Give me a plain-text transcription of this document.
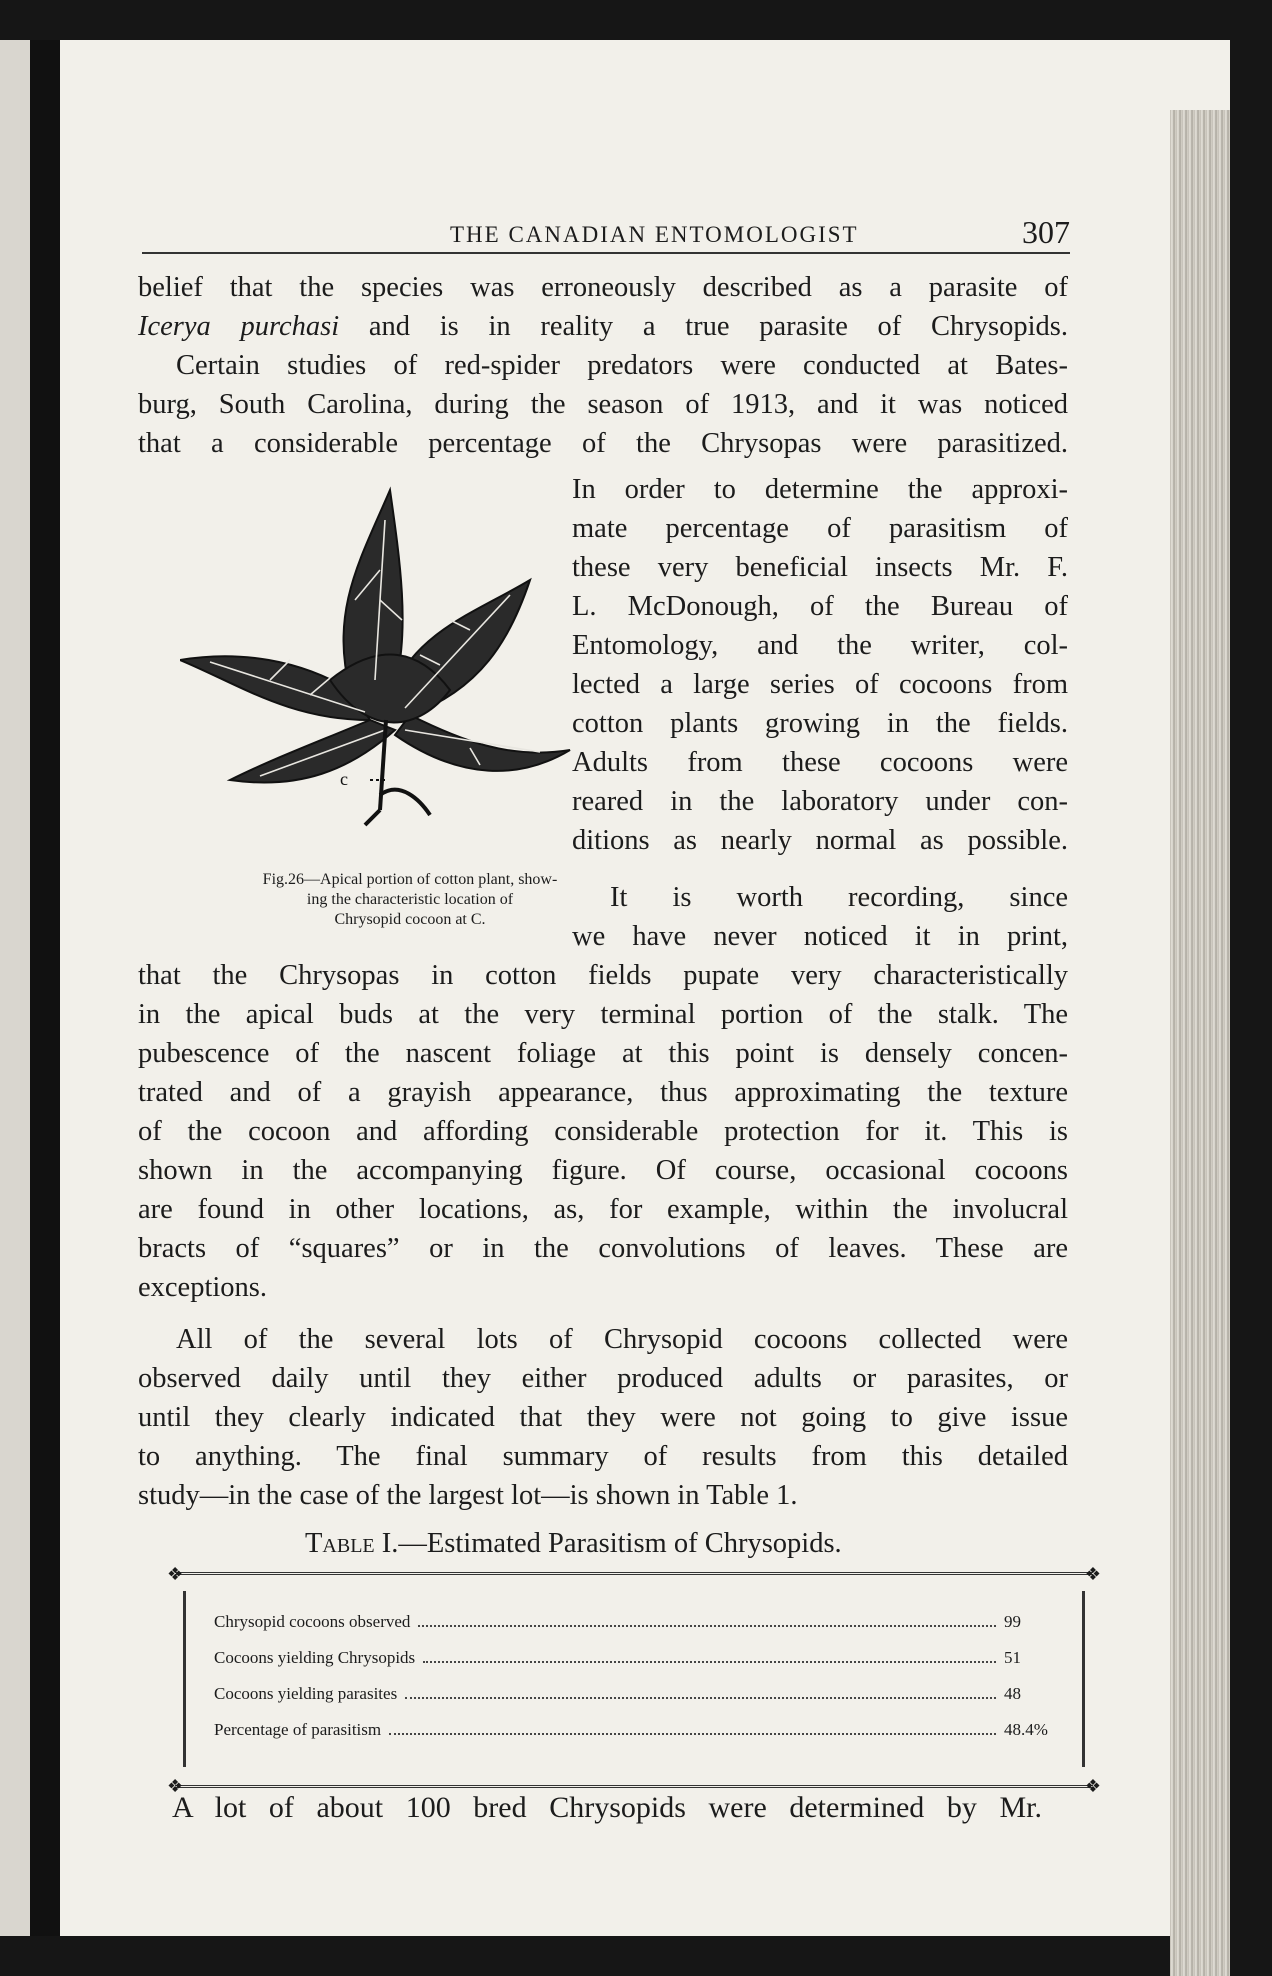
THE CANADIAN ENTOMOLOGIST	307

belief that the species was erroneously described as a parasite of

Icerya purchasi and is in reality a true parasite of Chrysopids.

Certain studies of red-spider predators were conducted at Bates-

burg, South Carolina, during the season of 1913, and it was noticed

that a considerable percentage of the Chrysopas were parasitized.

In order to determine the approxi-

mate percentage of parasitism of

these very beneficial insects Mr. F.

L. McDonough, of the Bureau of

Entomology, and the writer, col-

lected a large series of cocoons from

cotton plants growing in the fields.

Adults from these cocoons were

reared in the laboratory under con-

ditions as nearly normal as possible.

It is worth recording, since

we have never noticed it in print,

c
Fig.26—Apical portion of cotton plant, show-
ing the characteristic location of
Chrysopid cocoon at C.

that the Chrysopas in cotton fields pupate very characteristically

in the apical buds at the very terminal portion of the stalk. The

pubescence of the nascent foliage at this point is densely concen-

trated and of a grayish appearance, thus approximating the texture

of the cocoon and affording considerable protection for it. This is

shown in the accompanying figure. Of course, occasional cocoons

are found in other locations, as, for example, within the involucral

bracts of “squares” or in the convolutions of leaves. These are

exceptions.

All of the several lots of Chrysopid cocoons collected were

observed daily until they either produced adults or parasites, or

until they clearly indicated that they were not going to give issue

to anything. The final summary of results from this detailed

study—in the case of the largest lot—is shown in Table 1.

Table I.—Estimated Parasitism of Chrysopids.
❖	❖
❖	❖
Chrysopid cocoons observed	99
Cocoons yielding Chrysopids	51
Cocoons yielding parasites	48
Percentage of parasitism	48.4%

A lot of about 100 bred Chrysopids were determined by Mr.
